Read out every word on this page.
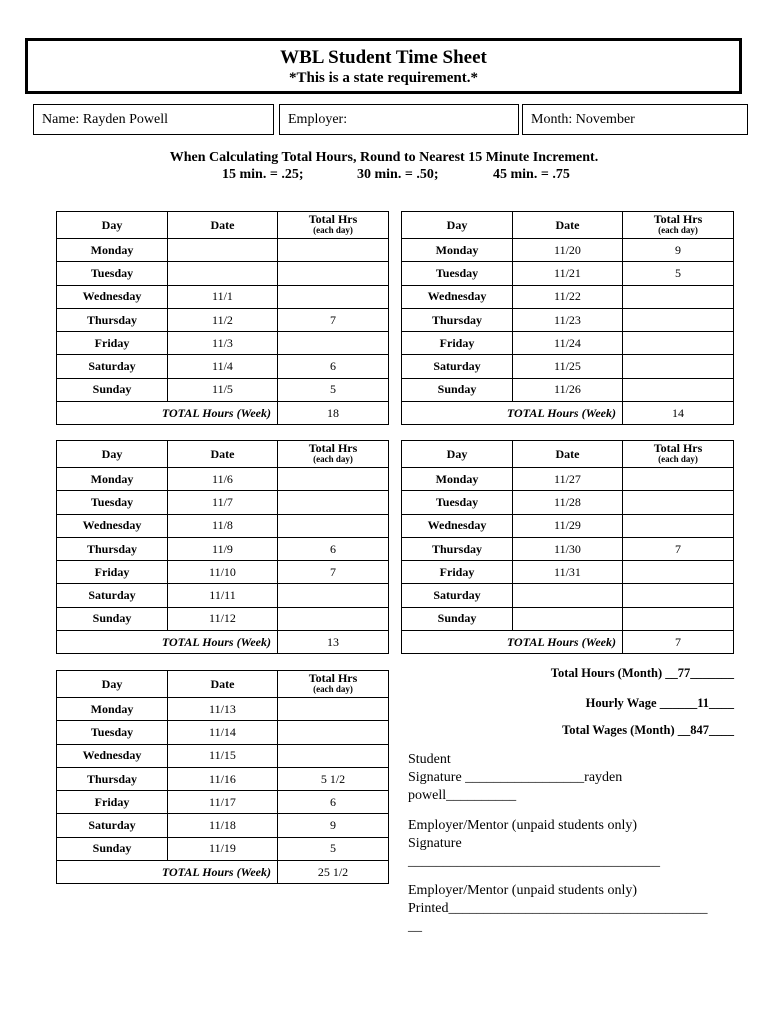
WBL Student Time Sheet
*This is a state requirement.*
Name: Rayden Powell	Employer:	Month: November
When Calculating Total Hours, Round to Nearest 15 Minute Increment.
15 min. = .25;	30 min. = .50;	45 min. = .75
Day	Date	Total Hrs
(each day)

Monday		
Tuesday		
Wednesday	11/1	
Thursday	11/2	7
Friday	11/3	
Saturday	11/4	6
Sunday	11/5	5
TOTAL Hours (Week)		18
Day	Date	Total Hrs
(each day)

Monday	11/20	9
Tuesday	11/21	5
Wednesday	11/22	
Thursday	11/23	
Friday	11/24	
Saturday	11/25	
Sunday	11/26	
TOTAL Hours (Week)		14
Day	Date	Total Hrs
(each day)

Monday	11/6	
Tuesday	11/7	
Wednesday	11/8	
Thursday	11/9	6
Friday	11/10	7
Saturday	11/11	
Sunday	11/12	
TOTAL Hours (Week)		13
Day	Date	Total Hrs
(each day)

Monday	11/27	
Tuesday	11/28	
Wednesday	11/29	
Thursday	11/30	7
Friday	11/31	
Saturday		
Sunday		
TOTAL Hours (Week)		7
Day	Date	Total Hrs
(each day)

Monday	11/13	
Tuesday	11/14	
Wednesday	11/15	
Thursday	11/16	5 1/2
Friday	11/17	6
Saturday	11/18	9
Sunday	11/19	5
TOTAL Hours (Week)		25 1/2
Total Hours (Month) __77_______
Hourly Wage ______11____
Total Wages (Month) __847____
Student
Signature _________________rayden
powell__________
Employer/Mentor (unpaid students only)
Signature
____________________________________
Employer/Mentor (unpaid students only)
Printed_____________________________________
__
